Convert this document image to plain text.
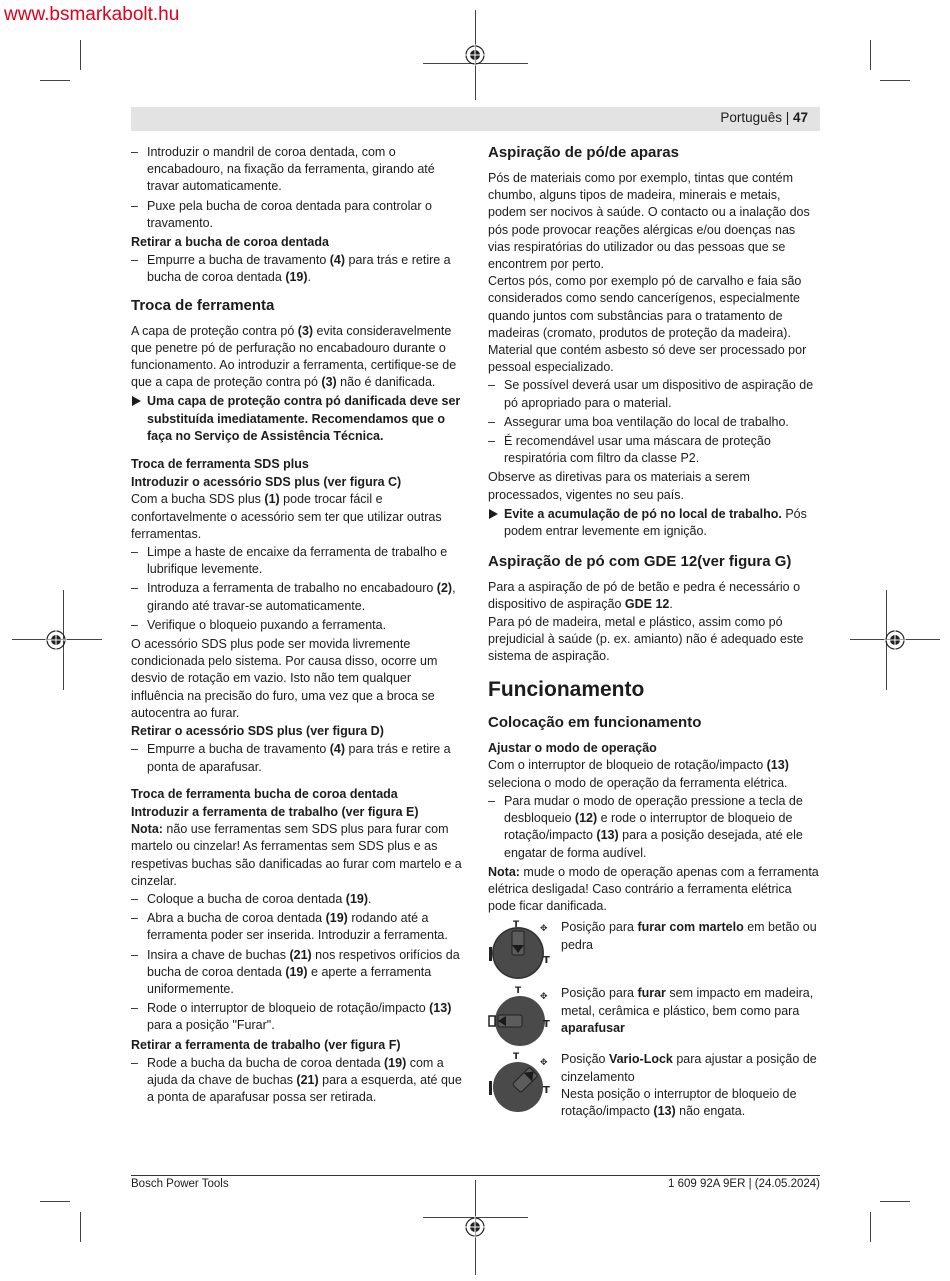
www.bsmarkabolt.hu
Português | 47
– Introduzir o mandril de coroa dentada, com o encabadouro, na fixação da ferramenta, girando até travar automaticamente.
– Puxe pela bucha de coroa dentada para controlar o travamento.

Retirar a bucha de coroa dentada

– Empurre a bucha de travamento (4) para trás e retire a bucha de coroa dentada (19).

Troca de ferramenta

A capa de proteção contra pó (3) evita consideravelmente que penetre pó de perfuração no encabadouro durante o funcionamento. Ao introduzir a ferramenta, certifique-se de que a capa de proteção contra pó (3) não é danificada.

Uma capa de proteção contra pó danificada deve ser substituída imediatamente. Recomendamos que o faça no Serviço de Assistência Técnica.

Troca de ferramenta SDS plus

Introduzir o acessório SDS plus (ver figura C)

Com a bucha SDS plus (1) pode trocar fácil e confortavelmente o acessório sem ter que utilizar outras ferramentas.

– Limpe a haste de encaixe da ferramenta de trabalho e lubrifique levemente.
– Introduza a ferramenta de trabalho no encabadouro (2), girando até travar-se automaticamente.
– Verifique o bloqueio puxando a ferramenta.

O acessório SDS plus pode ser movida livremente condicionada pelo sistema. Por causa disso, ocorre um desvio de rotação em vazio. Isto não tem qualquer influência na precisão do furo, uma vez que a broca se autocentra ao furar.

Retirar o acessório SDS plus (ver figura D)

– Empurre a bucha de travamento (4) para trás e retire a ponta de aparafusar.

Troca de ferramenta bucha de coroa dentada

Introduzir a ferramenta de trabalho (ver figura E)

Nota: não use ferramentas sem SDS plus para furar com martelo ou cinzelar! As ferramentas sem SDS plus e as respetivas buchas são danificadas ao furar com martelo e a cinzelar.

– Coloque a bucha de coroa dentada (19).
– Abra a bucha de coroa dentada (19) rodando até a ferramenta poder ser inserida. Introduzir a ferramenta.
– Insira a chave de buchas (21) nos respetivos orifícios da bucha de coroa dentada (19) e aperte a ferramenta uniformemente.
– Rode o interruptor de bloqueio de rotação/impacto (13) para a posição "Furar".

Retirar a ferramenta de trabalho (ver figura F)

– Rode a bucha da bucha de coroa dentada (19) com a ajuda da chave de buchas (21) para a esquerda, até que a ponta de aparafusar possa ser retirada.

Aspiração de pó/de aparas

Pós de materiais como por exemplo, tintas que contém chumbo, alguns tipos de madeira, minerais e metais, podem ser nocivos à saúde. O contacto ou a inalação dos pós pode provocar reações alérgicas e/ou doenças nas vias respiratórias do utilizador ou das pessoas que se encontrem por perto.

Certos pós, como por exemplo pó de carvalho e faia são considerados como sendo cancerígenos, especialmente quando juntos com substâncias para o tratamento de madeiras (cromato, produtos de proteção da madeira). Material que contém asbesto só deve ser processado por pessoal especializado.

– Se possível deverá usar um dispositivo de aspiração de pó apropriado para o material.
– Assegurar uma boa ventilação do local de trabalho.
– É recomendável usar uma máscara de proteção respiratória com filtro da classe P2.

Observe as diretivas para os materiais a serem processados, vigentes no seu país.

Evite a acumulação de pó no local de trabalho. Pós podem entrar levemente em ignição.

Aspiração de pó com GDE 12(ver figura G)

Para a aspiração de pó de betão e pedra é necessário o dispositivo de aspiração GDE 12.

Para pó de madeira, metal e plástico, assim como pó prejudicial à saúde (p. ex. amianto) não é adequado este sistema de aspiração.

Funcionamento

Colocação em funcionamento

Ajustar o modo de operação

Com o interruptor de bloqueio de rotação/impacto (13) seleciona o modo de operação da ferramenta elétrica.

– Para mudar o modo de operação pressione a tecla de desbloqueio (12) e rode o interruptor de bloqueio de rotação/impacto (13) para a posição desejada, até ele engatar de forma audível.

Nota: mude o modo de operação apenas com a ferramenta elétrica desligada! Caso contrário a ferramenta elétrica pode ficar danificada.

T ✥
T
Posição para furar com martelo em betão ou pedra
T
✥
T
Posição para furar sem impacto em madeira, metal, cerâmica e plástico, bem como para aparafusar
T
✥
T
Posição Vario-Lock para ajustar a posição de cinzelamento
Nesta posição o interruptor de bloqueio de rotação/impacto (13) não engata.
Bosch Power Tools	1 609 92A 9ER | (24.05.2024)
